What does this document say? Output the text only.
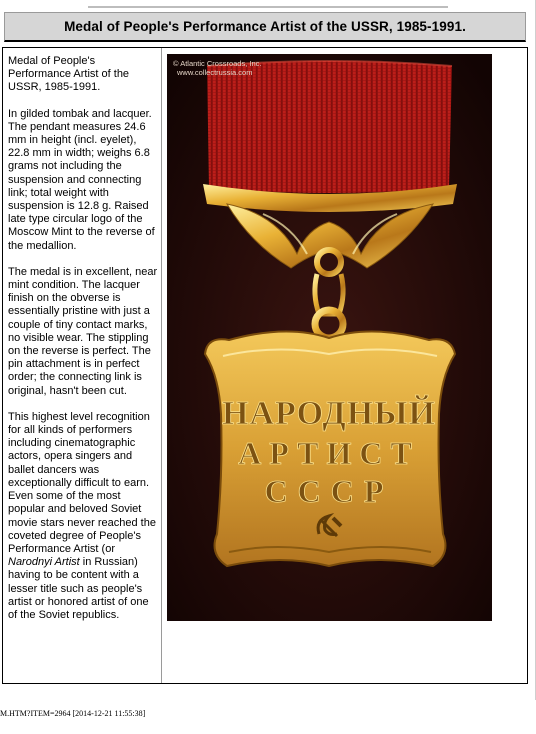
Medal of People's Performance Artist of the USSR, 1985-1991.

Medal of People's Performance Artist of the USSR, 1985-1991.

In gilded tombak and lacquer. The pendant measures 24.6 mm in height (incl. eyelet), 22.8 mm in width; weighs 6.8 grams not including the suspension and connecting link; total weight with suspension is 12.8 g. Raised late type circular logo of the Moscow Mint to the reverse of the medallion.

The medal is in excellent, near mint condition. The lacquer finish on the obverse is essentially pristine with just a couple of tiny contact marks, no visible wear. The stippling on the reverse is perfect. The pin attachment is in perfect order; the connecting link is original, hasn't been cut.

This highest level recognition for all kinds of performers including cinematographic actors, opera singers and ballet dancers was exceptionally difficult to earn. Even some of the most popular and beloved Soviet movie stars never reached the coveted degree of People's Performance Artist (or Narodnyi Artist in Russian) having to be content with a lesser title such as people's artist or honored artist of one of the Soviet republics.

НАРОДНЫЙ
АРТИСТ
СССР
© Atlantic Crossroads, Inc.
www.collectrussia.com
M.HTM?ITEM=2964 [2014-12-21 11:55:38]
